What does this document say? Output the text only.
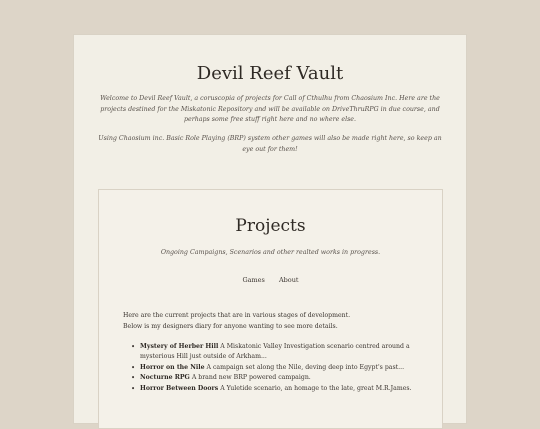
Devil Reef Vault

Welcome to Devil Reef Vault, a coruscopia of projects for Call of Cthulhu from Chaosium Inc. Here are the projects destined for the Miskatonic Repository and will be available on DriveThruRPG in due course, and perhaps some free stuff right here and no where else.

Using Chaosium inc. Basic Role Playing (BRP) system other games will also be made right here, so keep an eye out for them!

Projects
Ongoing Campaigns, Scenarios and other realted works in progress.
Games About
Here are the current projects that are in various stages of development.
Below is my designers diary for anyone wanting to see more details.
• Mystery of Herber Hill A Miskatonic Valley Investigation scenario centred around a mysterious Hill just outside of Arkham...
• Horror on the Nile A campaign set along the Nile, deving deep into Egypt's past...
• Nocturne RPG A brand new BRP powered campaign.
• Horror Between Doors A Yuletide scenario, an homage to the late, great M.R.James.
